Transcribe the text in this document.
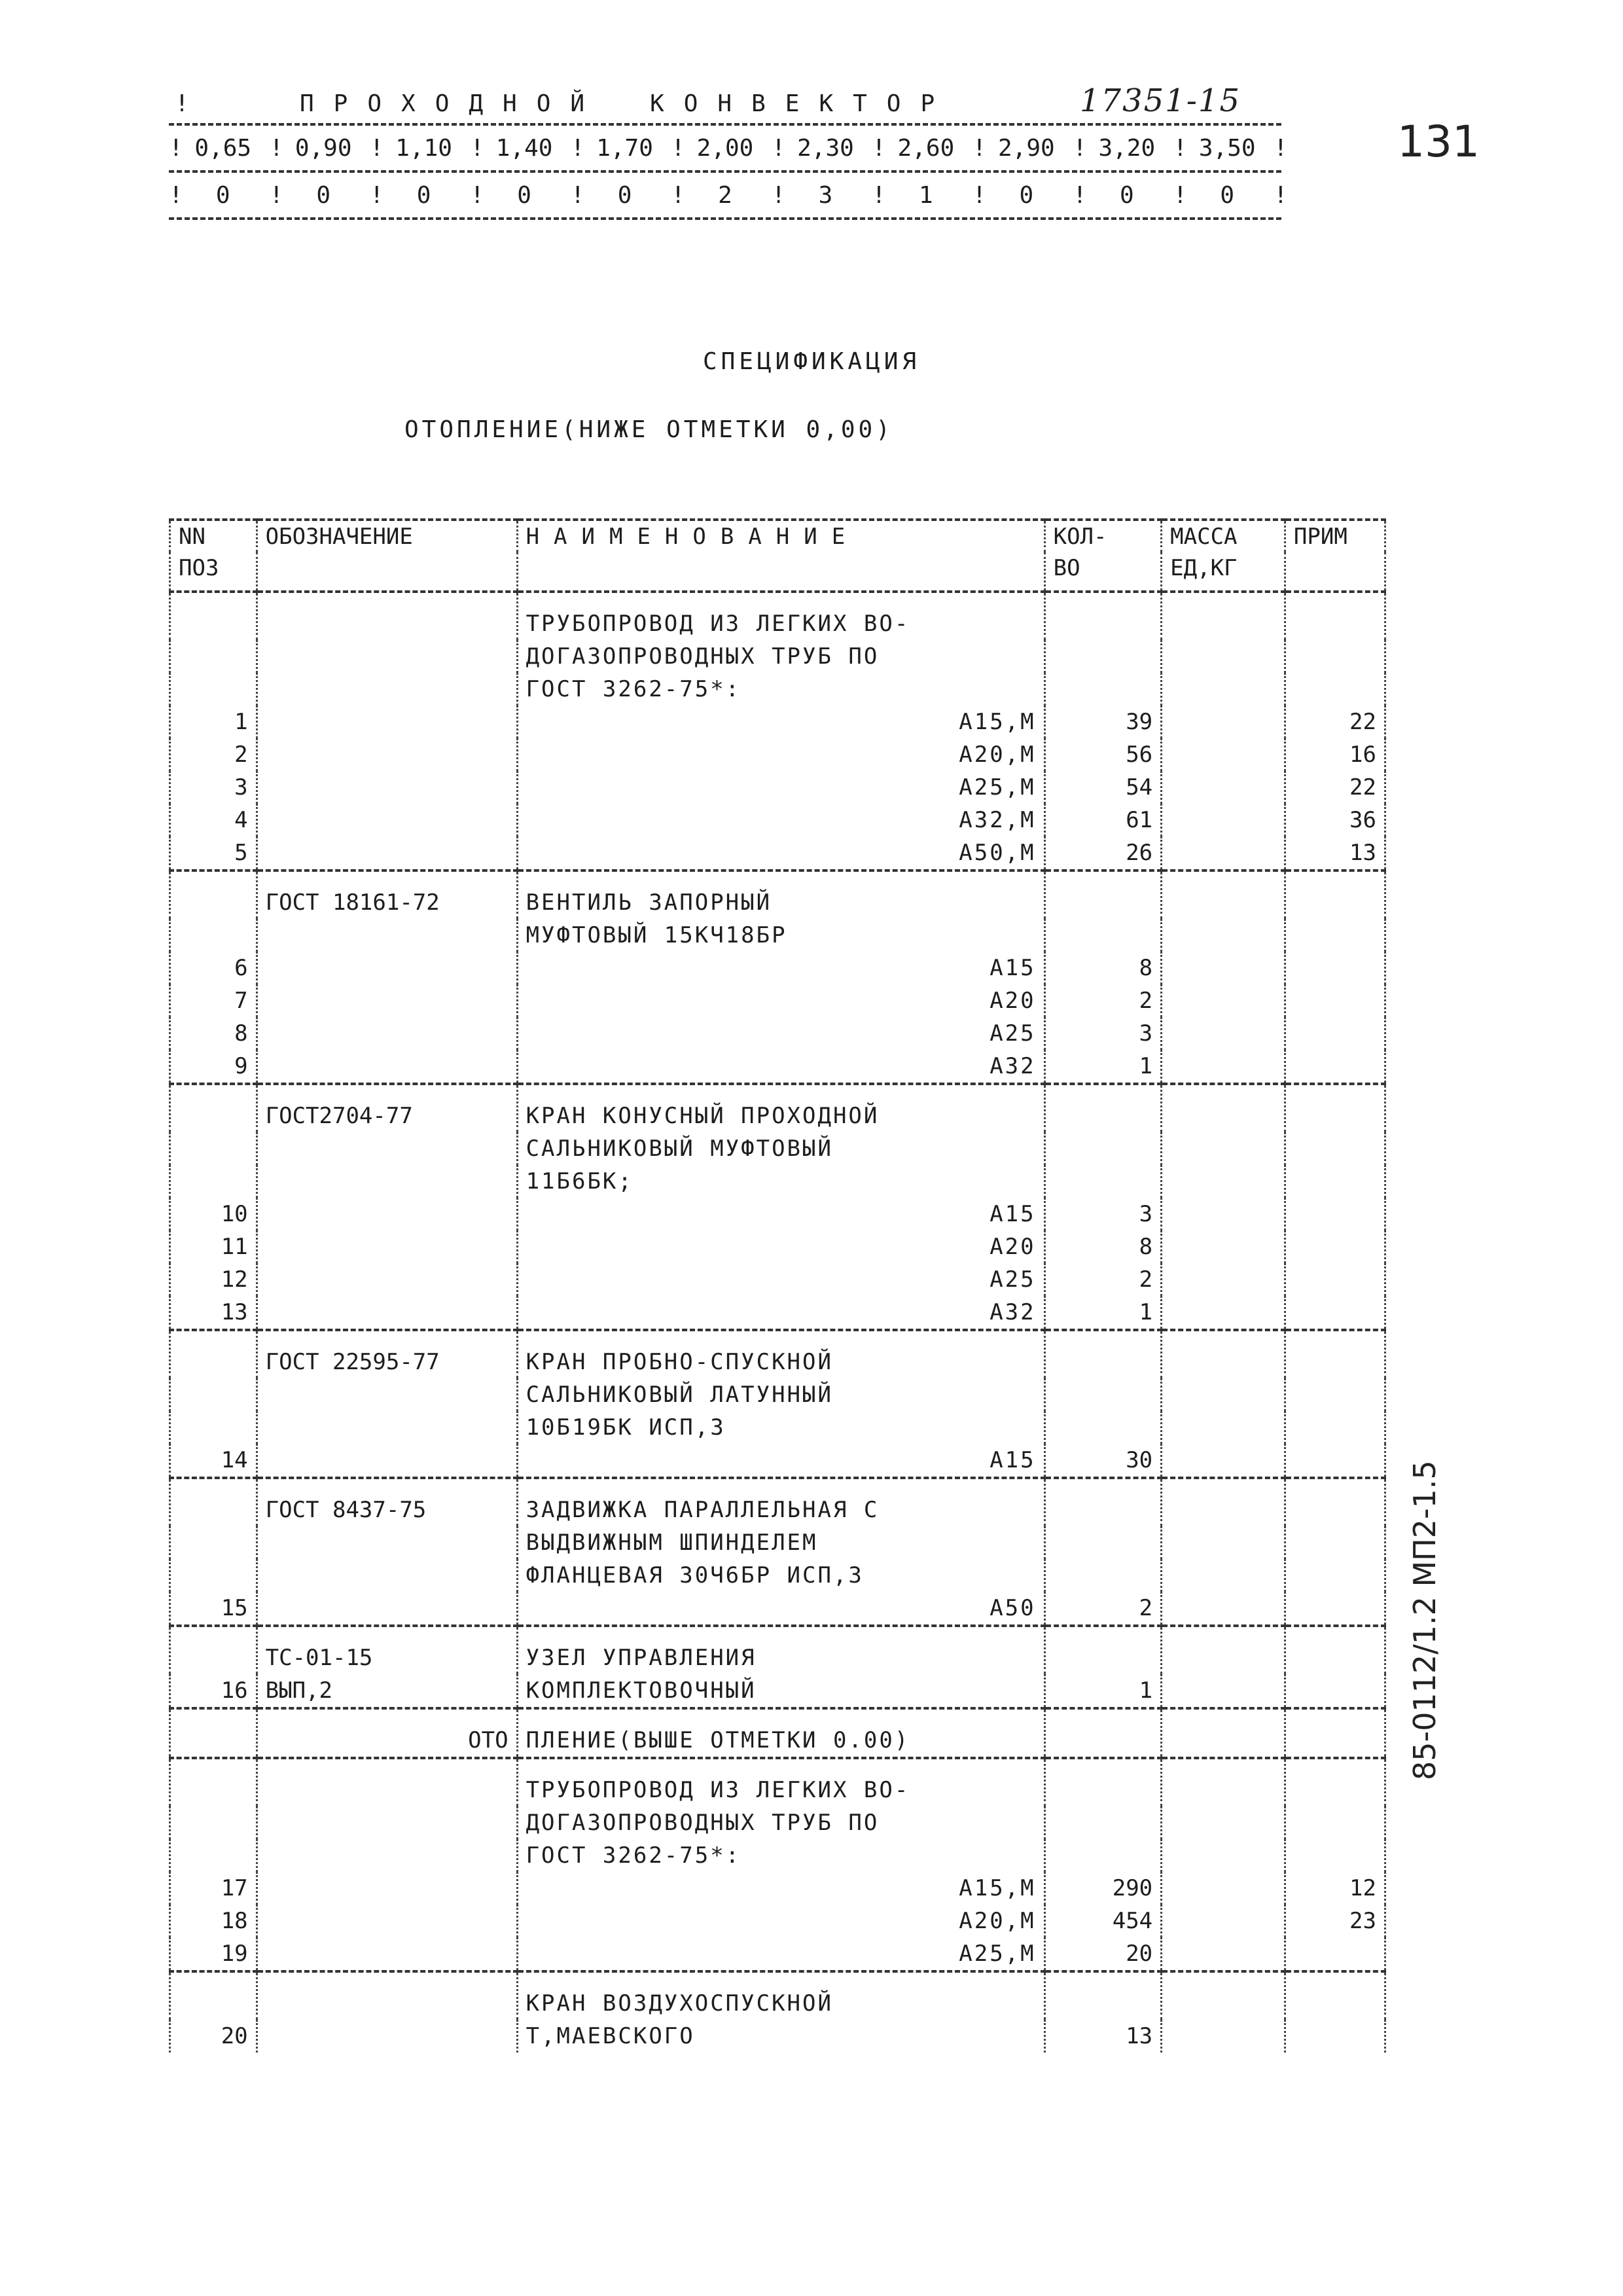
17351-15
131
85-0112/1.2 МП2-1.5
!	ПРОХОДНОЙ КОНВЕКТОР
! 0,65 ! 0,90 ! 1,10 ! 1,40 ! 1,70 ! 2,00 ! 2,30 ! 2,60 ! 2,90 ! 3,20 ! 3,50 !
!	0	!	0	!	0	!	0	!	0	!	2	!	3	!	1	!	0	!	0	!	0	!
СПЕЦИФИКАЦИЯ
ОТОПЛЕНИЕ(НИЖЕ ОТМЕТКИ 0,00)
NN	ОБОЗНАЧЕНИЕ	НАИМЕНОВАНИЕ	КОЛ-	МАССА	ПРИМ
ПОЗ			ВО	ЕД,КГ	
		ТРУБОПРОВОД ИЗ ЛЕГКИХ ВО-			
		ДОГАЗОПРОВОДНЫХ ТРУБ ПО			
		ГОСТ 3262-75*:			
1		А15,М	39		22
2		А20,М	56		16
3		А25,М	54		22
4		А32,М	61		36
5		А50,М	26		13
	ГОСТ 18161-72	ВЕНТИЛЬ ЗАПОРНЫЙ			
		МУФТОВЫЙ 15КЧ18БР			
6		А15	8		
7		А20	2		
8		А25	3		
9		А32	1		
	ГОСТ2704-77	КРАН КОНУСНЫЙ ПРОХОДНОЙ			
		САЛЬНИКОВЫЙ МУФТОВЫЙ			
		11Б6БК;			
10		А15	3		
11		А20	8		
12		А25	2		
13		А32	1		
	ГОСТ 22595-77	КРАН ПРОБНО-СПУСКНОЙ			
		САЛЬНИКОВЫЙ ЛАТУННЫЙ			
		10Б19БК ИСП,3			
14		А15	30		
	ГОСТ 8437-75	ЗАДВИЖКА ПАРАЛЛЕЛЬНАЯ С			
		ВЫДВИЖНЫМ ШПИНДЕЛЕМ			
		ФЛАНЦЕВАЯ 30Ч6БР ИСП,3			
15		А50	2		
	ТС-01-15	УЗЕЛ УПРАВЛЕНИЯ			
16	ВЫП,2	КОМПЛЕКТОВОЧНЫЙ	1		
	ОТО	ПЛЕНИЕ(ВЫШЕ ОТМЕТКИ 0.00)			
		ТРУБОПРОВОД ИЗ ЛЕГКИХ ВО-			
		ДОГАЗОПРОВОДНЫХ ТРУБ ПО			
		ГОСТ 3262-75*:			
17		А15,М	290		12
18		А20,М	454		23
19		А25,М	20		
		КРАН ВОЗДУХОСПУСКНОЙ			
20		Т,МАЕВСКОГО	13		
